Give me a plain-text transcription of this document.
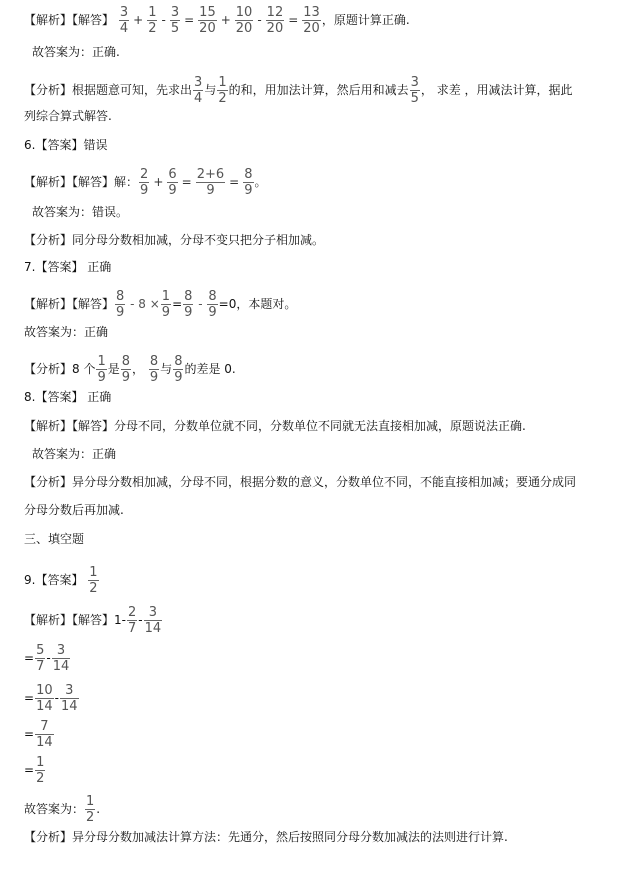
【解析】【解答】 $\frac{3}{4} + \frac{1}{2} - \frac{3}{5} = \frac{15}{20} + \frac{10}{20} - \frac{12}{20} = \frac{13}{20}$ ，原题计算正确.
故答案为：正确.
【分析】根据题意可知，先求出 $\frac{3}{4}$ 与 $\frac{1}{2}$ 的和，用加法计算，然后用和减去 $\frac{3}{5}$ ， 求差 ，用减法计算，据此
列综合算式解答.
6.【答案】错误
【解析】【解答】解： $\frac{2}{9} + \frac{6}{9} = \frac{2+6}{9} = \frac{8}{9}$ 。
故答案为：错误。
【分析】同分母分数相加减，分母不变只把分子相加减。
7.【答案】 正确
【解析】【解答】 $\frac{8}{9} - 8 \times \frac{1}{9} = \frac{8}{9} - \frac{8}{9} =0$，本题对。
故答案为：正确
【分析】8 个 $\frac{1}{9}$ 是 $\frac{8}{9}$ ， $\frac{8}{9}$ 与 $\frac{8}{9}$ 的差是 0.
8.【答案】 正确
【解析】【解答】分母不同，分数单位就不同，分数单位不同就无法直接相加减，原题说法正确.
故答案为：正确
【分析】异分母分数相加减，分母不同，根据分数的意义，分数单位不同，不能直接相加减；要通分成同
分母分数后再加减.
三、填空题
9.【答案】 $\frac{1}{2}$
【解析】【解答】$1- \frac{2}{7} - \frac{3}{14}$
= $\frac{5}{7} - \frac{3}{14}$
= $\frac{10}{14} - \frac{3}{14}$
= $\frac{7}{14}$
= $\frac{1}{2}$
故答案为： $\frac{1}{2}$ .
【分析】异分母分数加减法计算方法：先通分，然后按照同分母分数加减法的法则进行计算.
